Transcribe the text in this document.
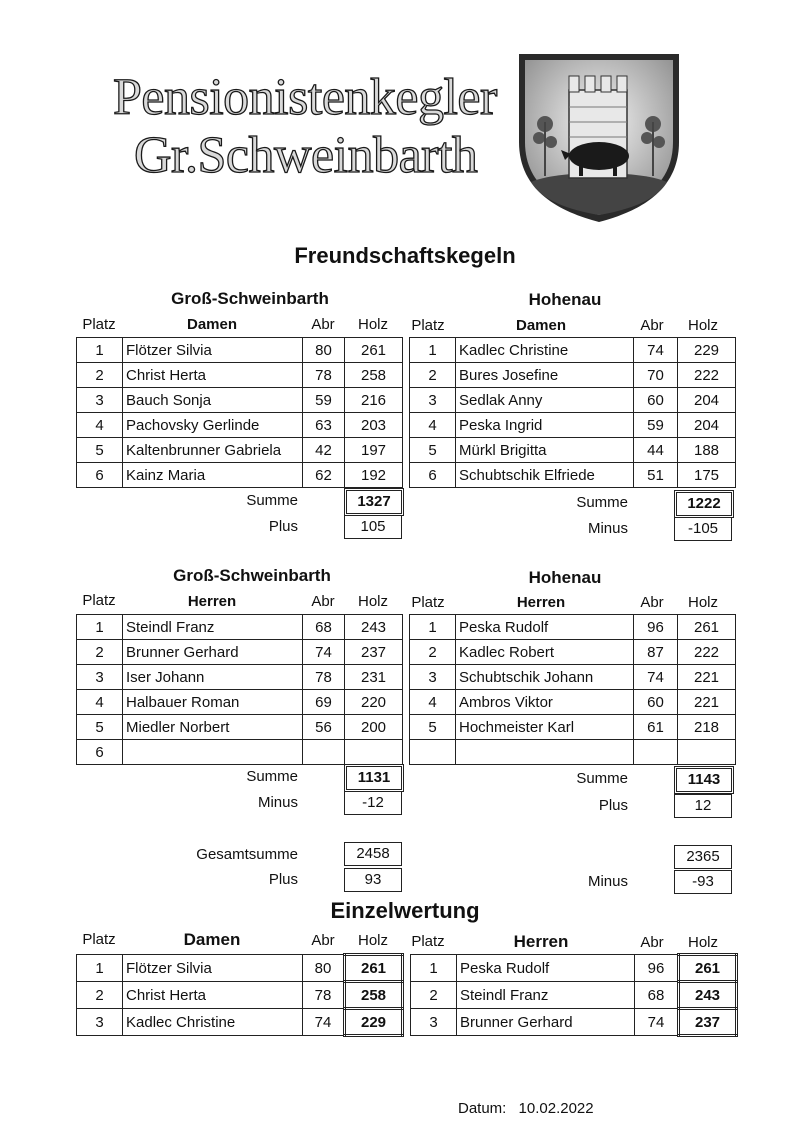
Pensionistenkegler
Gr.Schweinbarth
Freundschaftskegeln
Groß-Schweinbarth	Hohenau
Platz	Damen	Abr	Holz	Platz	Damen	Abr	Holz
1	Flötzer Silvia	80	261		1	Kadlec Christine	74	229
2	Christ Herta	78	258		2	Bures Josefine	70	222
3	Bauch Sonja	59	216		3	Sedlak Anny	60	204
4	Pachovsky Gerlinde	63	203		4	Peska Ingrid	59	204
5	Kaltenbrunner Gabriela	42	197		5	Mürkl Brigitta	44	188
6	Kainz Maria	62	192		6	Schubtschik Elfriede	51	175
Summe	1327
Plus	105
Summe	1222
Minus	-105
Groß-Schweinbarth	Hohenau
Platz	Herren	Abr	Holz	Platz	Herren	Abr	Holz
1	Steindl Franz	68	243		1	Peska Rudolf	96	261
2	Brunner Gerhard	74	237		2	Kadlec Robert	87	222
3	Iser Johann	78	231		3	Schubtschik Johann	74	221
4	Halbauer Roman	69	220		4	Ambros Viktor	60	221
5	Miedler Norbert	56	200		5	Hochmeister Karl	61	218
6								
Summe	1131
Minus	-12
Summe	1143
Plus	12
Gesamtsumme	2458
Plus	93
2365
Minus	-93
Einzelwertung
Platz	Damen	Abr	Holz	Platz	Herren	Abr	Holz
1	Flötzer Silvia	80	261		1	Peska Rudolf	96	261
2	Christ Herta	78	258		2	Steindl Franz	68	243
3	Kadlec Christine	74	229		3	Brunner Gerhard	74	237
Datum: 10.02.2022
